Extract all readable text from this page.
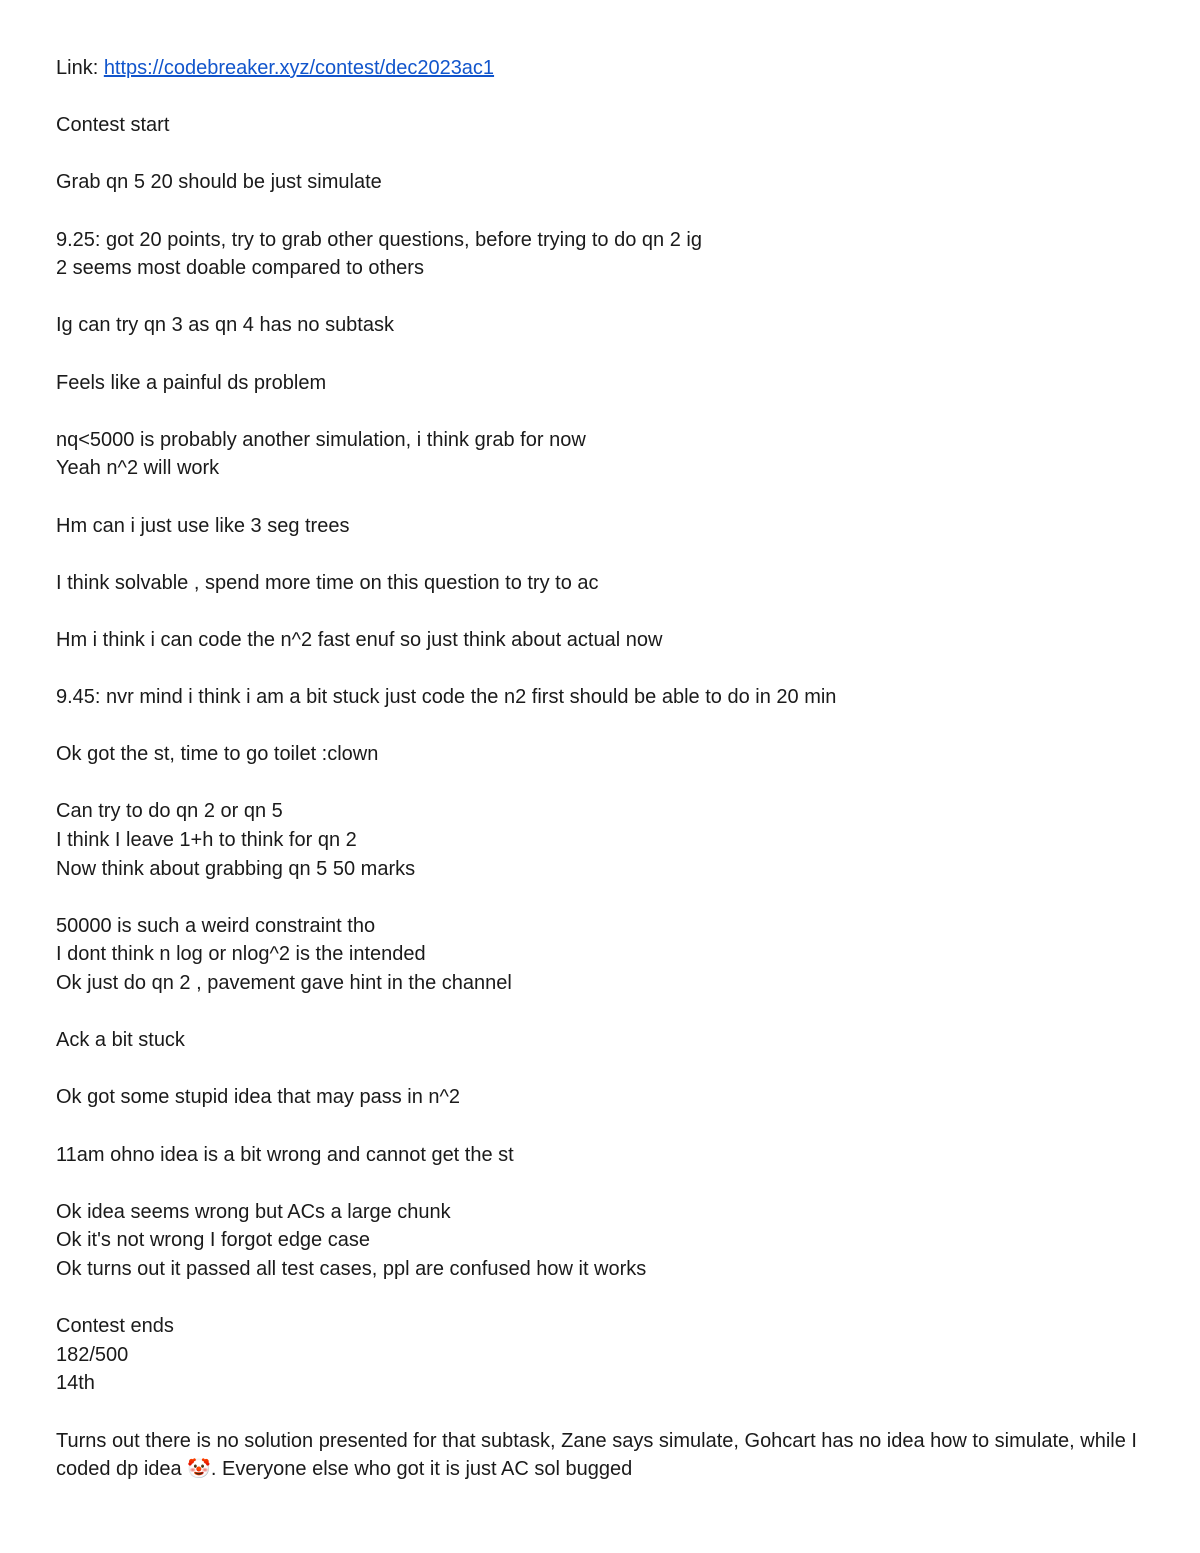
Link: https://codebreaker.xyz/contest/dec2023ac1
Contest start
Grab qn 5 20 should be just simulate
9.25: got 20 points, try to grab other questions, before trying to do qn 2 ig
2 seems most doable compared to others
Ig can try qn 3 as qn 4 has no subtask
Feels like a painful ds problem
nq<5000 is probably another simulation, i think grab for now
Yeah n^2 will work
Hm can i just use like 3 seg trees
I think solvable , spend more time on this question to try to ac
Hm i think i can code the n^2 fast enuf so just think about actual now
9.45: nvr mind i think i am a bit stuck just code the n2 first should be able to do in 20 min
Ok got the st, time to go toilet :clown
Can try to do qn 2 or qn 5
I think I leave 1+h to think for qn 2
Now think about grabbing qn 5 50 marks
50000 is such a weird constraint tho
I dont think n log or nlog^2 is the intended
Ok just do qn 2 , pavement gave hint in the channel
Ack a bit stuck
Ok got some stupid idea that may pass in n^2
11am ohno idea is a bit wrong and cannot get the st
Ok idea seems wrong but ACs a large chunk
Ok it's not wrong I forgot edge case
Ok turns out it passed all test cases, ppl are confused how it works
Contest ends
182/500
14th
Turns out there is no solution presented for that subtask, Zane says simulate, Gohcart has no idea how to simulate, while I coded dp idea 🤡. Everyone else who got it is just AC sol bugged
